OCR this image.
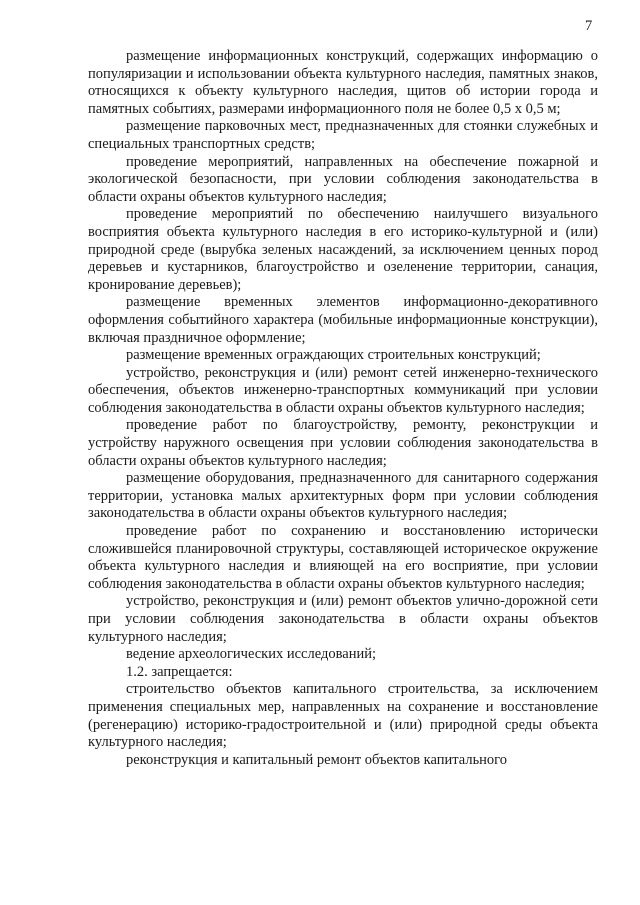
7

размещение информационных конструкций, содержащих информацию о популяризации и использовании объекта культурного наследия, памятных знаков, относящихся к объекту культурного наследия, щитов об истории города и памятных событиях, размерами информационного поля не более 0,5 х 0,5 м;

размещение парковочных мест, предназначенных для стоянки служебных и специальных транспортных средств;

проведение мероприятий, направленных на обеспечение пожарной и экологической безопасности, при условии соблюдения законодательства в области охраны объектов культурного наследия;

проведение мероприятий по обеспечению наилучшего визуального восприятия объекта культурного наследия в его историко-культурной и (или) природной среде (вырубка зеленых насаждений, за исключением ценных пород деревьев и кустарников, благоустройство и озеленение территории, санация, кронирование деревьев);

размещение временных элементов информационно-декоративного оформления событийного характера (мобильные информационные конструкции), включая праздничное оформление;

размещение временных ограждающих строительных конструкций;

устройство, реконструкция и (или) ремонт сетей инженерно-технического обеспечения, объектов инженерно-транспортных коммуникаций при условии соблюдения законодательства в области охраны объектов культурного наследия;

проведение работ по благоустройству, ремонту, реконструкции и устройству наружного освещения при условии соблюдения законодательства в области охраны объектов культурного наследия;

размещение оборудования, предназначенного для санитарного содержания территории, установка малых архитектурных форм при условии соблюдения законодательства в области охраны объектов культурного наследия;

проведение работ по сохранению и восстановлению исторически сложившейся планировочной структуры, составляющей историческое окружение объекта культурного наследия и влияющей на его восприятие, при условии соблюдения законодательства в области охраны объектов культурного наследия;

устройство, реконструкция и (или) ремонт объектов улично-дорожной сети при условии соблюдения законодательства в области охраны объектов культурного наследия;

ведение археологических исследований;

1.2. запрещается:

строительство объектов капитального строительства, за исключением применения специальных мер, направленных на сохранение и восстановление (регенерацию) историко-градостроительной и (или) природной среды объекта культурного наследия;

реконструкция и капитальный ремонт объектов капитального
